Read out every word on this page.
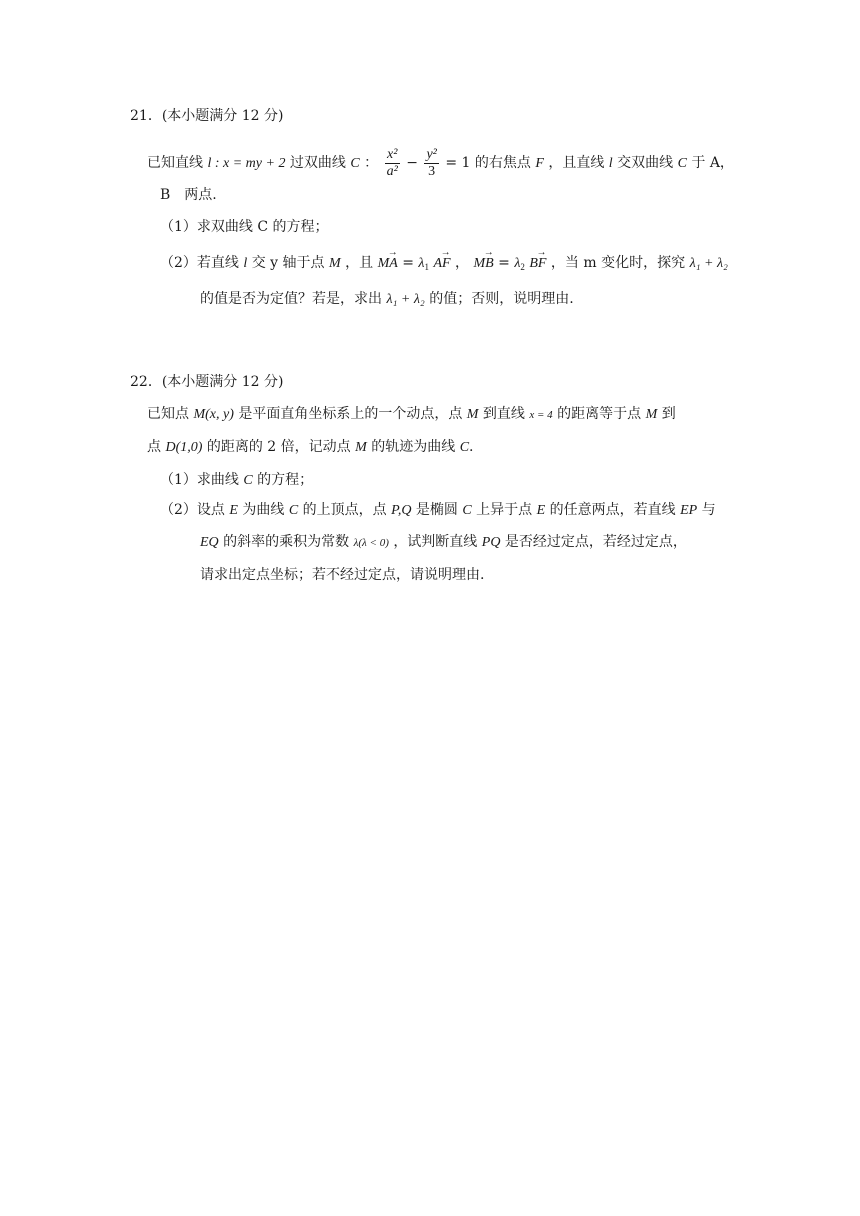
21．(本小题满分 12 分)
已知直线 l : x = my + 2 过双曲线 C ： $\frac{\text{x²}}{\text{a²}} - \frac{\text{y²}}{3} = 1$ 的右焦点 F ，且直线 l 交双曲线 C 于 A，
B　两点.
（1）求双曲线 C 的方程；
（2）若直线 l 交 y 轴于点 M ，且 → MA = $\lambda_1$ → AF ， → MB = $\lambda_2$ → BF ，当 m 变化时，探究 λ₁ + λ₂
的值是否为定值？若是，求出 λ₁ + λ₂ 的值；否则，说明理由.
22．(本小题满分 12 分)
已知点 M(x, y) 是平面直角坐标系上的一个动点，点 M 到直线 x = 4 的距离等于点 M 到
点 D(1,0) 的距离的 2 倍，记动点 M 的轨迹为曲线 C.
（1）求曲线 C 的方程；
（2）设点 E 为曲线 C 的上顶点，点 P,Q 是椭圆 C 上异于点 E 的任意两点，若直线 EP 与
EQ 的斜率的乘积为常数 λ(λ < 0) ，试判断直线 PQ 是否经过定点，若经过定点，
请求出定点坐标；若不经过定点，请说明理由.
